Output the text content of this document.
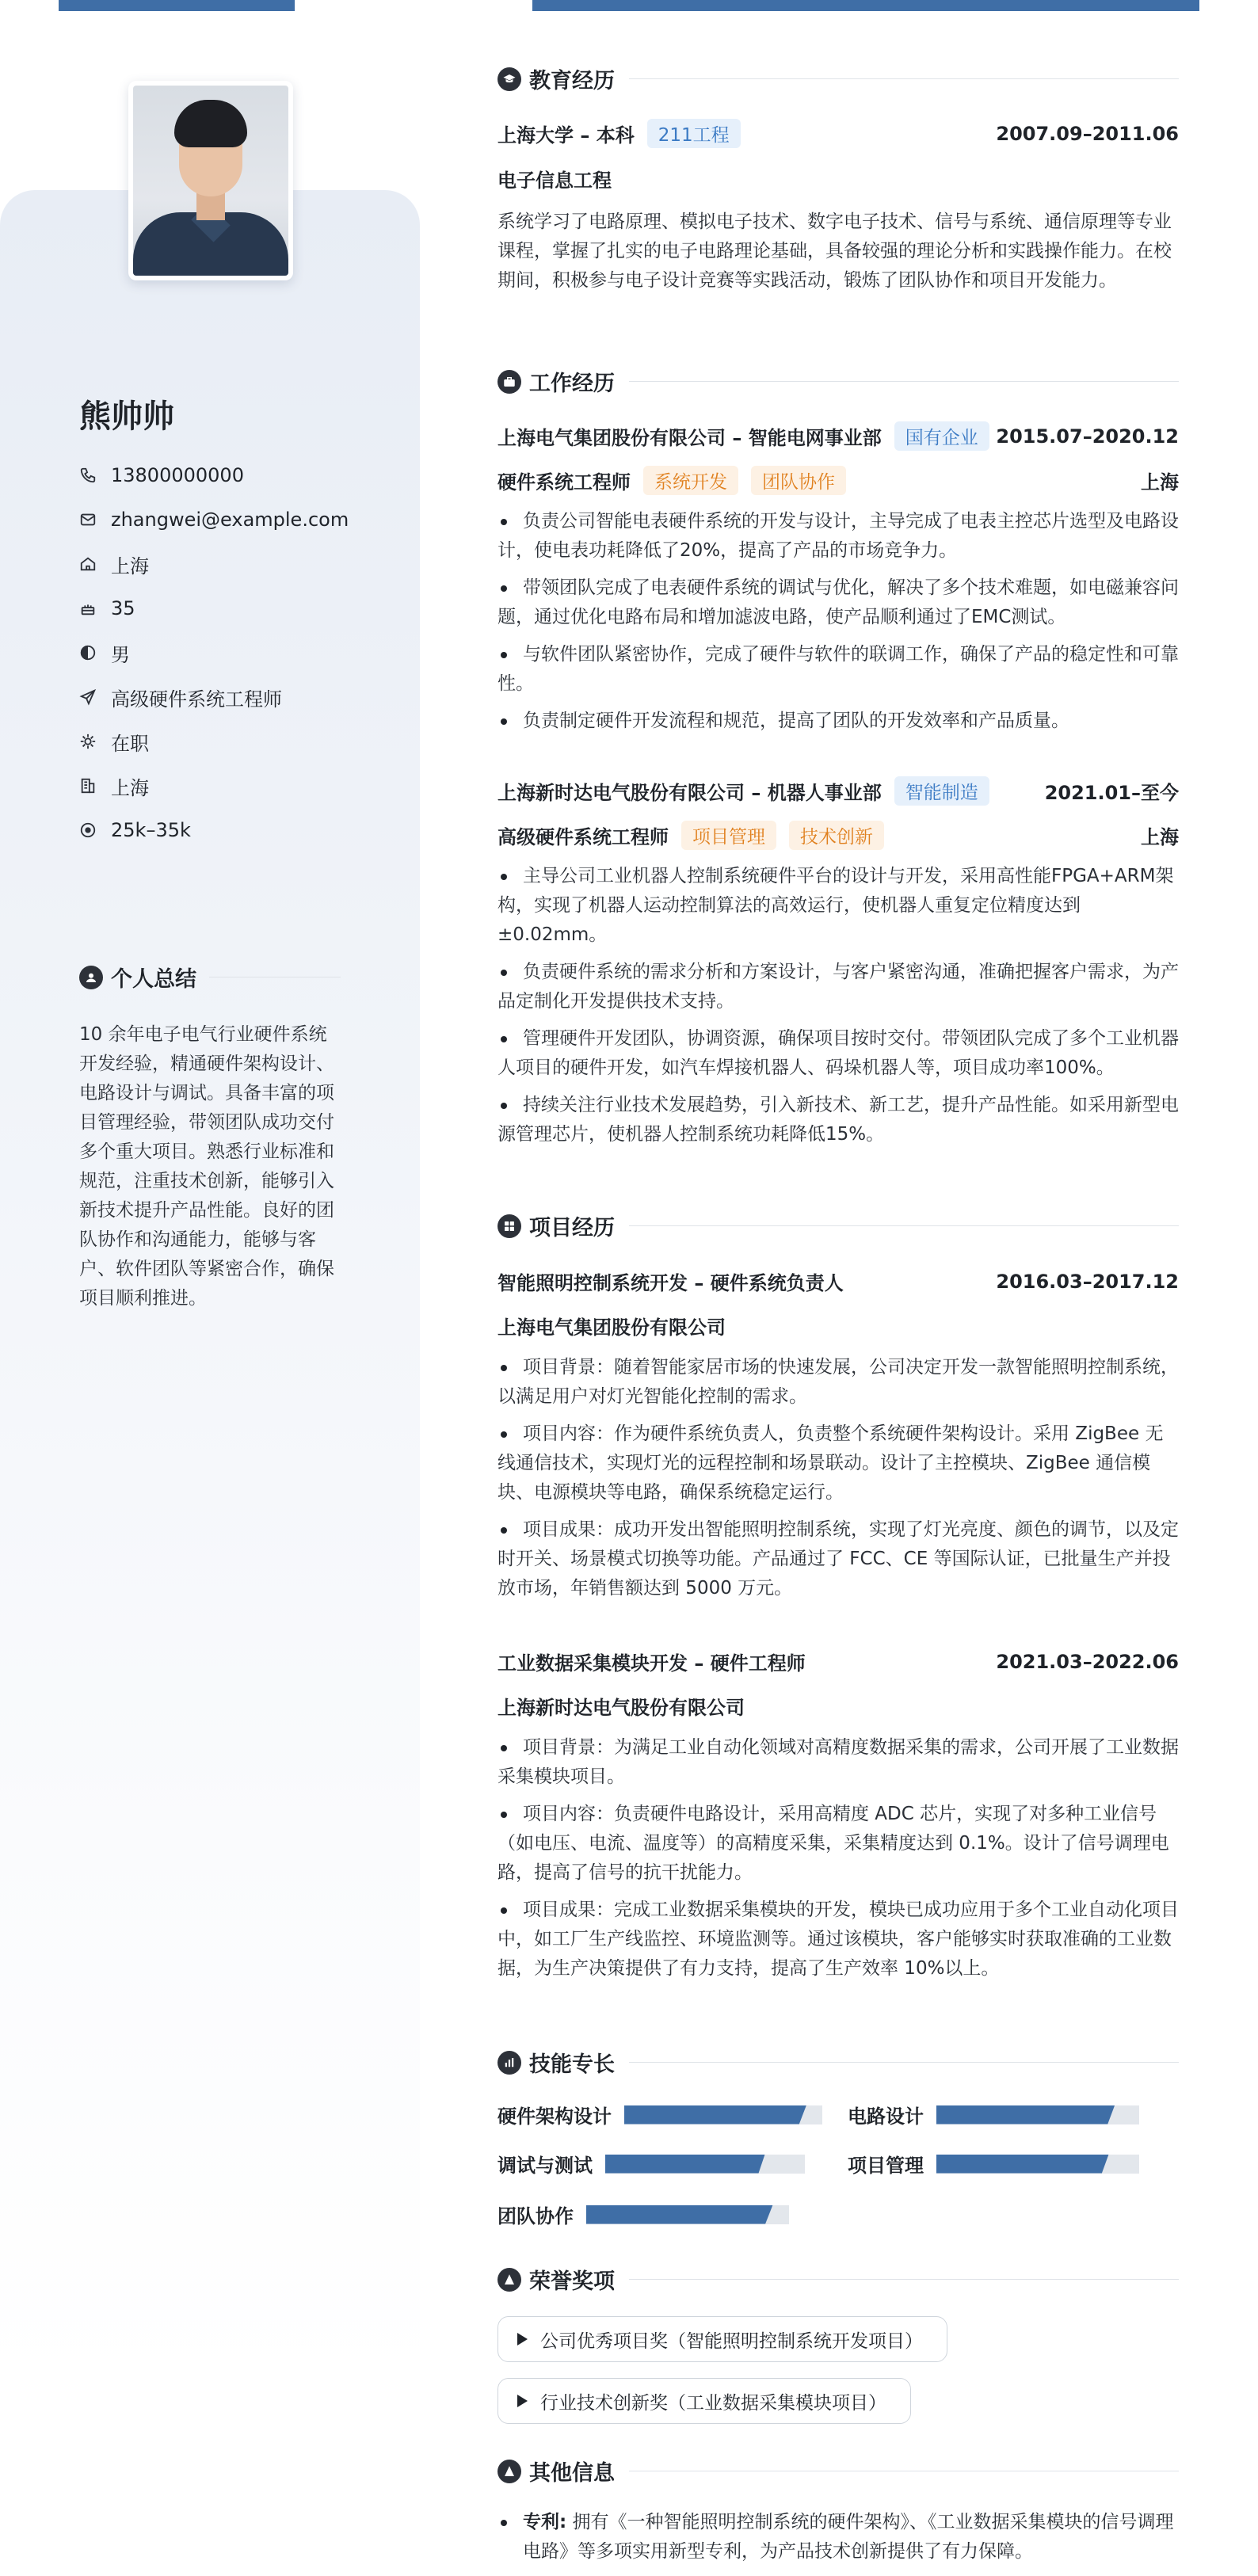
熊帅帅
13800000000
zhangwei@example.com
上海
35
男
高级硬件系统工程师
在职
上海
25k–35k
个人总结
10 余年电子电气行业硬件系统开发经验，精通硬件架构设计、电路设计与调试。具备丰富的项目管理经验，带领团队成功交付多个重大项目。熟悉行业标准和规范，注重技术创新，能够引入新技术提升产品性能。良好的团队协作和沟通能力，能够与客户、软件团队等紧密合作，确保项目顺利推进。
教育经历
上海大学 – 本科	211工程	2007.09–2011.06
电子信息工程
系统学习了电路原理、模拟电子技术、数字电子技术、信号与系统、通信原理等专业课程，掌握了扎实的电子电路理论基础，具备较强的理论分析和实践操作能力。在校期间，积极参与电子设计竞赛等实践活动，锻炼了团队协作和项目开发能力。
工作经历
上海电气集团股份有限公司 – 智能电网事业部	国有企业 2015.07–2020.12
硬件系统工程师	系统开发	团队协作	上海
负责公司智能电表硬件系统的开发与设计，主导完成了电表主控芯片选型及电路设计，使电表功耗降低了20%，提高了产品的市场竞争力。
带领团队完成了电表硬件系统的调试与优化，解决了多个技术难题，如电磁兼容问题，通过优化电路布局和增加滤波电路，使产品顺利通过了EMC测试。
与软件团队紧密协作，完成了硬件与软件的联调工作，确保了产品的稳定性和可靠性。
负责制定硬件开发流程和规范，提高了团队的开发效率和产品质量。
上海新时达电气股份有限公司 – 机器人事业部	智能制造	2021.01–至今
高级硬件系统工程师	项目管理	技术创新	上海
主导公司工业机器人控制系统硬件平台的设计与开发，采用高性能FPGA+ARM架构，实现了机器人运动控制算法的高效运行，使机器人重复定位精度达到±0.02mm。
负责硬件系统的需求分析和方案设计，与客户紧密沟通，准确把握客户需求，为产品定制化开发提供技术支持。
管理硬件开发团队，协调资源，确保项目按时交付。带领团队完成了多个工业机器人项目的硬件开发，如汽车焊接机器人、码垛机器人等，项目成功率100%。
持续关注行业技术发展趋势，引入新技术、新工艺，提升产品性能。如采用新型电源管理芯片，使机器人控制系统功耗降低15%。
项目经历
智能照明控制系统开发 – 硬件系统负责人	2016.03–2017.12
上海电气集团股份有限公司
项目背景：随着智能家居市场的快速发展，公司决定开发一款智能照明控制系统，以满足用户对灯光智能化控制的需求。
项目内容：作为硬件系统负责人，负责整个系统硬件架构设计。采用 ZigBee 无线通信技术，实现灯光的远程控制和场景联动。设计了主控模块、ZigBee 通信模块、电源模块等电路，确保系统稳定运行。
项目成果：成功开发出智能照明控制系统，实现了灯光亮度、颜色的调节，以及定时开关、场景模式切换等功能。产品通过了 FCC、CE 等国际认证，已批量生产并投放市场，年销售额达到 5000 万元。
工业数据采集模块开发 – 硬件工程师	2021.03–2022.06
上海新时达电气股份有限公司
项目背景：为满足工业自动化领域对高精度数据采集的需求，公司开展了工业数据采集模块项目。
项目内容：负责硬件电路设计，采用高精度 ADC 芯片，实现了对多种工业信号（如电压、电流、温度等）的高精度采集，采集精度达到 0.1%。设计了信号调理电路，提高了信号的抗干扰能力。
项目成果：完成工业数据采集模块的开发，模块已成功应用于多个工业自动化项目中，如工厂生产线监控、环境监测等。通过该模块，客户能够实时获取准确的工业数据，为生产决策提供了有力支持，提高了生产效率 10%以上。
技能专长
硬件架构设计	电路设计
调试与测试	项目管理
团队协作
荣誉奖项
公司优秀项目奖（智能照明控制系统开发项目）
行业技术创新奖（工业数据采集模块项目）
其他信息
专利: 拥有《一种智能照明控制系统的硬件架构》、《工业数据采集模块的信号调理电路》等多项实用新型专利，为产品技术创新提供了有力保障。
